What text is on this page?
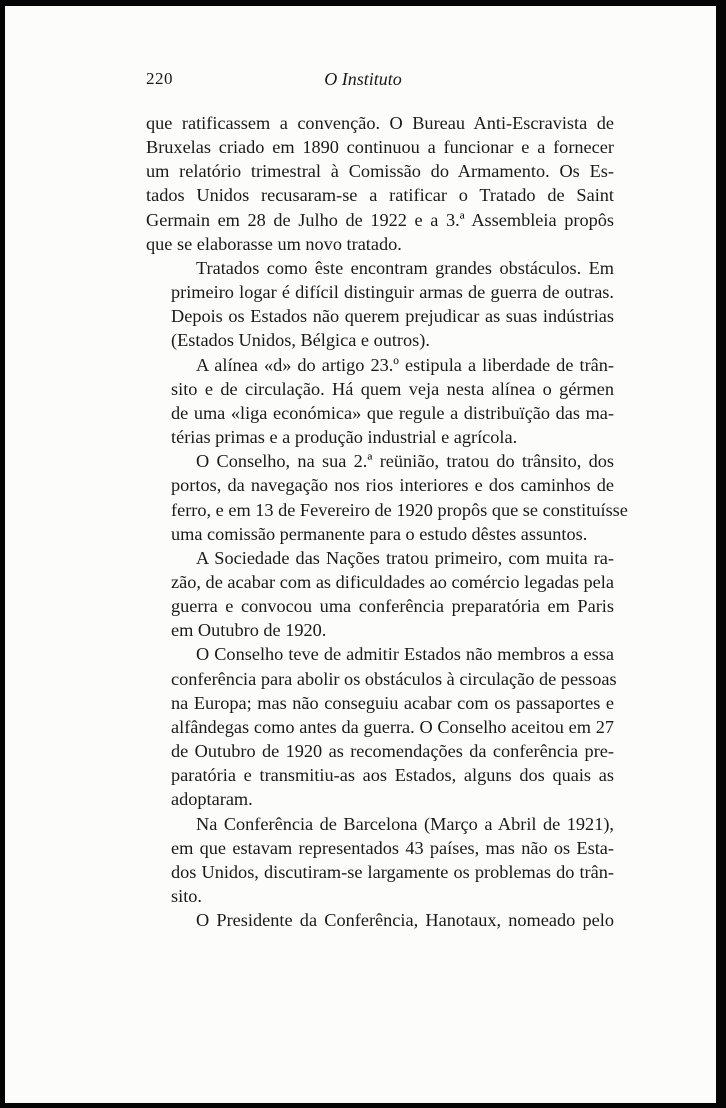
220	O Instituto

que ratificassem a convenção. O Bureau Anti-Escravista de
Bruxelas criado em 1890 continuou a funcionar e a fornecer
um relatório trimestral à Comissão do Armamento. Os Es-
tados Unidos recusaram-se a ratificar o Tratado de Saint
Germain em 28 de Julho de 1922 e a 3.ª Assembleia propôs
que se elaborasse um novo tratado.

Tratados como êste encontram grandes obstáculos. Em
primeiro logar é difícil distinguir armas de guerra de outras.
Depois os Estados não querem prejudicar as suas indústrias
(Estados Unidos, Bélgica e outros).

A alínea «d» do artigo 23.º estipula a liberdade de trân-
sito e de circulação. Há quem veja nesta alínea o gérmen
de uma «liga económica» que regule a distribuïção das ma-
térias primas e a produção industrial e agrícola.

O Conselho, na sua 2.ª reünião, tratou do trânsito, dos
portos, da navegação nos rios interiores e dos caminhos de
ferro, e em 13 de Fevereiro de 1920 propôs que se constituísse
uma comissão permanente para o estudo dêstes assuntos.

A Sociedade das Nações tratou primeiro, com muita ra-
zão, de acabar com as dificuldades ao comércio legadas pela
guerra e convocou uma conferência preparatória em Paris
em Outubro de 1920.

O Conselho teve de admitir Estados não membros a essa
conferência para abolir os obstáculos à circulação de pessoas
na Europa; mas não conseguiu acabar com os passaportes e
alfândegas como antes da guerra. O Conselho aceitou em 27
de Outubro de 1920 as recomendações da conferência pre-
paratória e transmitiu-as aos Estados, alguns dos quais as
adoptaram.

Na Conferência de Barcelona (Março a Abril de 1921),
em que estavam representados 43 países, mas não os Esta-
dos Unidos, discutiram-se largamente os problemas do trân-
sito.

O Presidente da Conferência, Hanotaux, nomeado pelo
